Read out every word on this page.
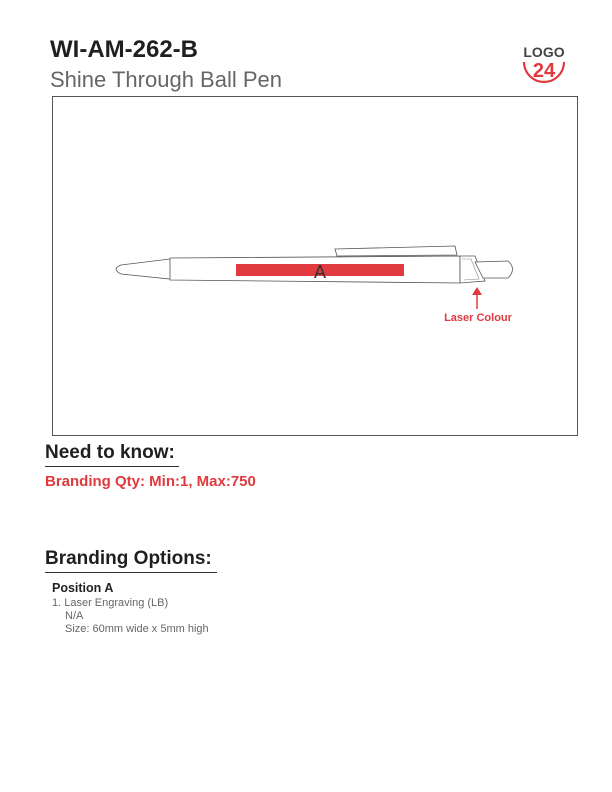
WI-AM-262-B
Shine Through Ball Pen
LOGO
24
A
Laser Colour
Need to know:
Branding Qty: Min:1, Max:750
Branding Options:
Position A
1. Laser Engraving (LB)
N/A
Size: 60mm wide x 5mm high
